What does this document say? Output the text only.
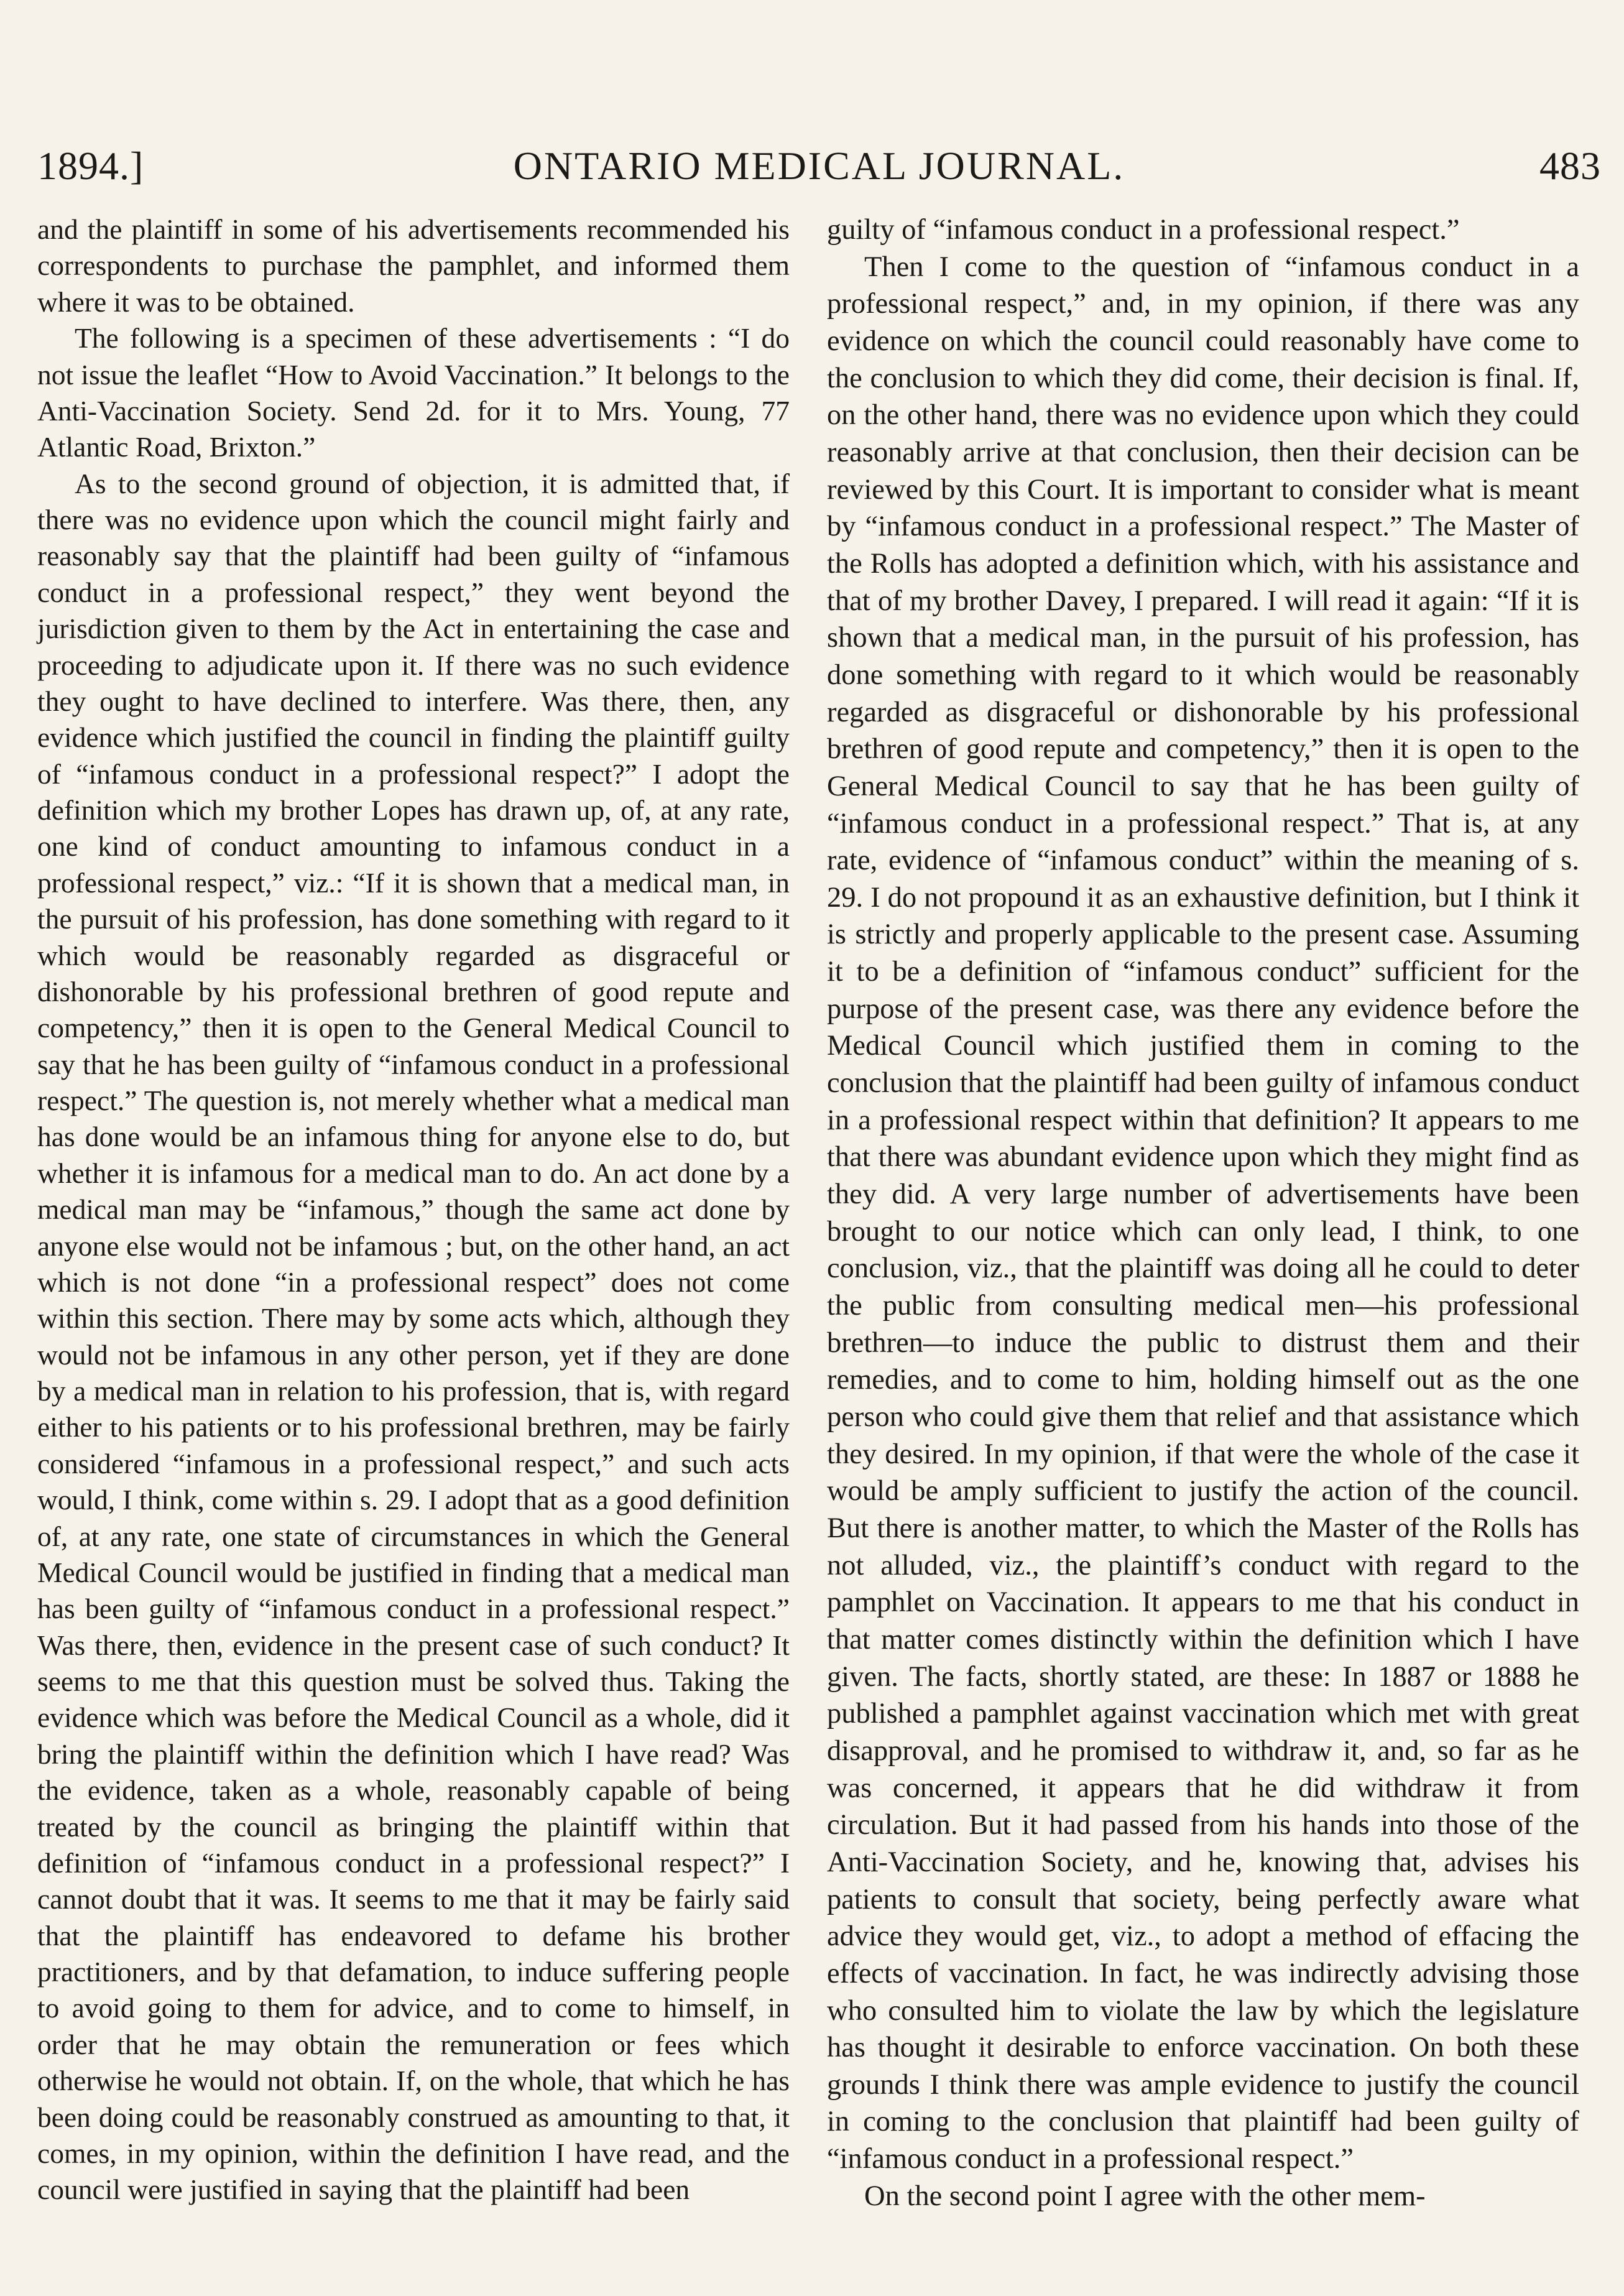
1894.]	ONTARIO MEDICAL JOURNAL.	483

and the plaintiff in some of his advertisements recommended his correspondents to purchase the pamphlet, and informed them where it was to be obtained.

The following is a specimen of these advertisements : “I do not issue the leaflet “How to Avoid Vaccination.” It belongs to the Anti-Vaccination Society. Send 2d. for it to Mrs. Young, 77 Atlantic Road, Brixton.”

As to the second ground of objection, it is admitted that, if there was no evidence upon which the council might fairly and reasonably say that the plaintiff had been guilty of “infamous conduct in a professional respect,” they went beyond the jurisdiction given to them by the Act in entertaining the case and proceeding to adjudicate upon it. If there was no such evidence they ought to have declined to interfere. Was there, then, any evidence which justified the council in finding the plaintiff guilty of “infamous conduct in a professional respect?” I adopt the definition which my brother Lopes has drawn up, of, at any rate, one kind of conduct amounting to infamous conduct in a professional respect,” viz.: “If it is shown that a medical man, in the pursuit of his profession, has done something with regard to it which would be reasonably regarded as disgraceful or dishonorable by his professional brethren of good repute and competency,” then it is open to the General Medical Council to say that he has been guilty of “infamous conduct in a professional respect.” The question is, not merely whether what a medical man has done would be an infamous thing for anyone else to do, but whether it is infamous for a medical man to do. An act done by a medical man may be “infamous,” though the same act done by anyone else would not be infamous ; but, on the other hand, an act which is not done “in a professional respect” does not come within this section. There may by some acts which, although they would not be infamous in any other person, yet if they are done by a medical man in relation to his profession, that is, with regard either to his patients or to his professional brethren, may be fairly considered “infamous in a professional respect,” and such acts would, I think, come within s. 29. I adopt that as a good definition of, at any rate, one state of circumstances in which the General Medical Council would be justified in finding that a medical man has been guilty of “infamous conduct in a professional respect.” Was there, then, evidence in the present case of such conduct? It seems to me that this question must be solved thus. Taking the evidence which was before the Medical Council as a whole, did it bring the plaintiff within the definition which I have read? Was the evidence, taken as a whole, reasonably capable of being treated by the council as bringing the plaintiff within that definition of “infamous conduct in a professional respect?” I cannot doubt that it was. It seems to me that it may be fairly said that the plaintiff has endeavored to defame his brother practitioners, and by that defamation, to induce suffering people to avoid going to them for advice, and to come to himself, in order that he may obtain the remuneration or fees which otherwise he would not obtain. If, on the whole, that which he has been doing could be reasonably construed as amounting to that, it comes, in my opinion, within the definition I have read, and the council were justified in saying that the plaintiff had been

guilty of “infamous conduct in a professional respect.”

Then I come to the question of “infamous conduct in a professional respect,” and, in my opinion, if there was any evidence on which the council could reasonably have come to the conclusion to which they did come, their decision is final. If, on the other hand, there was no evidence upon which they could reasonably arrive at that conclusion, then their decision can be reviewed by this Court. It is important to consider what is meant by “infamous conduct in a professional respect.” The Master of the Rolls has adopted a definition which, with his assistance and that of my brother Davey, I prepared. I will read it again: “If it is shown that a medical man, in the pursuit of his profession, has done something with regard to it which would be reasonably regarded as disgraceful or dishonorable by his professional brethren of good repute and competency,” then it is open to the General Medical Council to say that he has been guilty of “infamous conduct in a professional respect.” That is, at any rate, evidence of “infamous conduct” within the meaning of s. 29. I do not propound it as an exhaustive definition, but I think it is strictly and properly applicable to the present case. Assuming it to be a definition of “infamous conduct” sufficient for the purpose of the present case, was there any evidence before the Medical Council which justified them in coming to the conclusion that the plaintiff had been guilty of infamous conduct in a professional respect within that definition? It appears to me that there was abundant evidence upon which they might find as they did. A very large number of advertisements have been brought to our notice which can only lead, I think, to one conclusion, viz., that the plaintiff was doing all he could to deter the public from consulting medical men—his professional brethren—to induce the public to distrust them and their remedies, and to come to him, holding himself out as the one person who could give them that relief and that assistance which they desired. In my opinion, if that were the whole of the case it would be amply sufficient to justify the action of the council. But there is another matter, to which the Master of the Rolls has not alluded, viz., the plaintiff’s conduct with regard to the pamphlet on Vaccination. It appears to me that his conduct in that matter comes distinctly within the definition which I have given. The facts, shortly stated, are these: In 1887 or 1888 he published a pamphlet against vaccination which met with great disapproval, and he promised to withdraw it, and, so far as he was concerned, it appears that he did withdraw it from circulation. But it had passed from his hands into those of the Anti-Vaccination Society, and he, knowing that, advises his patients to consult that society, being perfectly aware what advice they would get, viz., to adopt a method of effacing the effects of vaccination. In fact, he was indirectly advising those who consulted him to violate the law by which the legislature has thought it desirable to enforce vaccination. On both these grounds I think there was ample evidence to justify the council in coming to the conclusion that plaintiff had been guilty of “infamous conduct in a professional respect.”

On the second point I agree with the other mem-
